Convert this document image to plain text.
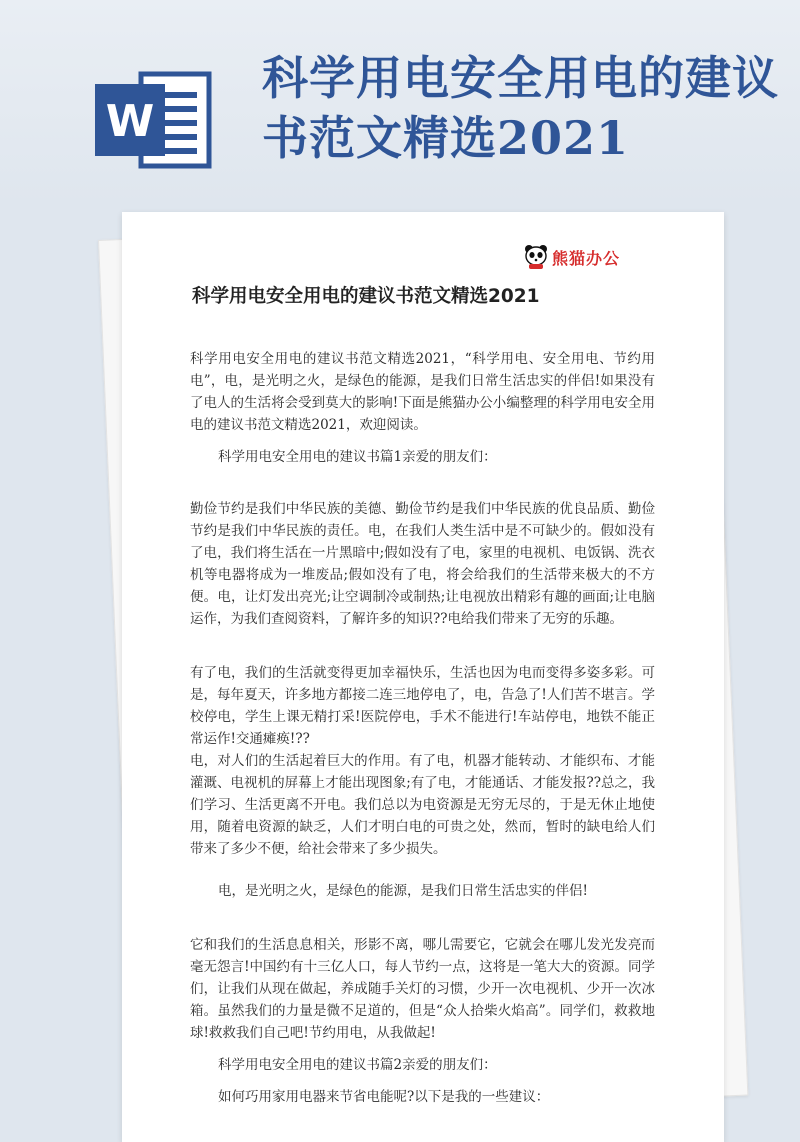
W
科学用电安全用电的建议书范文精选2021
熊猫办公
科学用电安全用电的建议书范文精选2021

科学用电安全用电的建议书范文精选2021，“科学用电、安全用电、节约用电”，电，是光明之火，是绿色的能源，是我们日常生活忠实的伴侣!如果没有了电人的生活将会受到莫大的影响!下面是熊猫办公小编整理的科学用电安全用电的建议书范文精选2021，欢迎阅读。

科学用电安全用电的建议书篇1亲爱的朋友们：

勤俭节约是我们中华民族的美德、勤俭节约是我们中华民族的优良品质、勤俭节约是我们中华民族的责任。电，在我们人类生活中是不可缺少的。假如没有了电，我们将生活在一片黑暗中;假如没有了电，家里的电视机、电饭锅、洗衣机等电器将成为一堆废品;假如没有了电，将会给我们的生活带来极大的不方便。电，让灯发出亮光;让空调制冷或制热;让电视放出精彩有趣的画面;让电脑运作，为我们查阅资料，了解许多的知识??电给我们带来了无穷的乐趣。

有了电，我们的生活就变得更加幸福快乐，生活也因为电而变得多姿多彩。可是，每年夏天，许多地方都接二连三地停电了，电，告急了!人们苦不堪言。学校停电，学生上课无精打采!医院停电，手术不能进行!车站停电，地铁不能正常运作!交通瘫痪!??

电，对人们的生活起着巨大的作用。有了电，机器才能转动、才能织布、才能灌溉、电视机的屏幕上才能出现图象;有了电，才能通话、才能发报??总之，我们学习、生活更离不开电。我们总以为电资源是无穷无尽的，于是无休止地使用，随着电资源的缺乏，人们才明白电的可贵之处，然而，暂时的缺电给人们带来了多少不便，给社会带来了多少损失。

电，是光明之火，是绿色的能源，是我们日常生活忠实的伴侣!

它和我们的生活息息相关，形影不离，哪儿需要它，它就会在哪儿发光发亮而毫无怨言!中国约有十三亿人口，每人节约一点，这将是一笔大大的资源。同学们，让我们从现在做起，养成随手关灯的习惯，少开一次电视机、少开一次冰箱。虽然我们的力量是微不足道的，但是“众人拾柴火焰高”。同学们，救救地球!救救我们自己吧!节约用电，从我做起!

科学用电安全用电的建议书篇2亲爱的朋友们：

如何巧用家用电器来节省电能呢?以下是我的一些建议：
